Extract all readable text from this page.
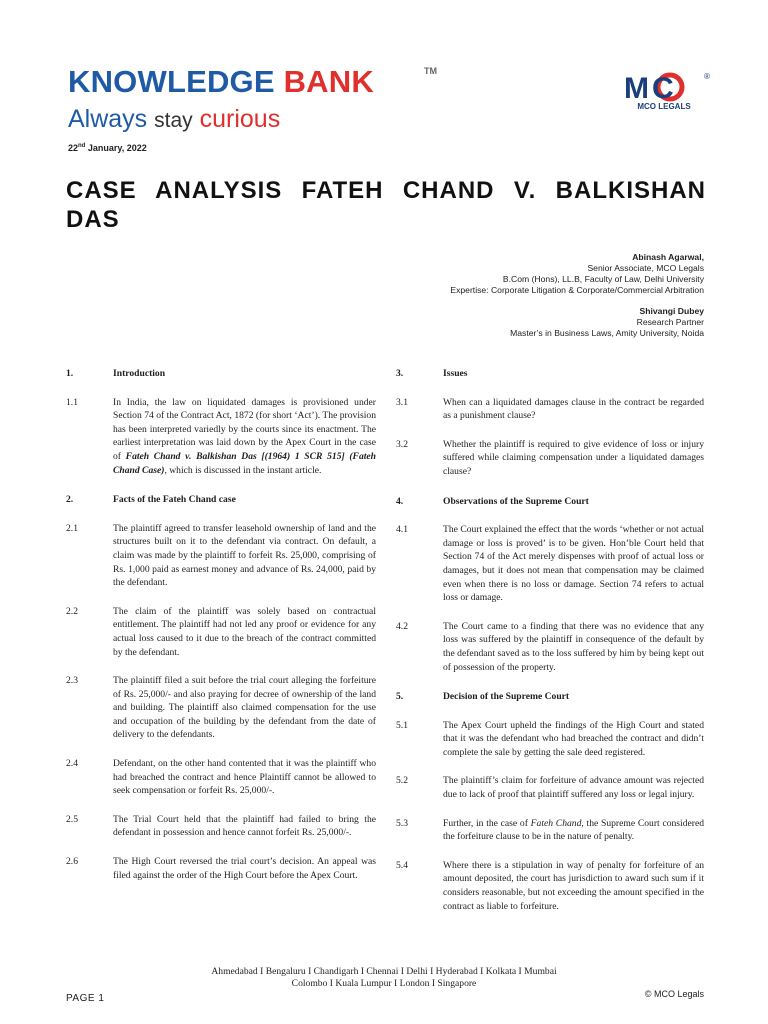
KNOWLEDGE BANK	TM
Always stay curious
M	®
C
MCO LEGALS
22nd January, 2022
CASE ANALYSIS FATEH CHAND V. BALKISHAN DAS
Abinash Agarwal,
Senior Associate, MCO Legals
B.Com (Hons), LL.B, Faculty of Law, Delhi University
Expertise: Corporate Litigation & Corporate/Commercial Arbitration
Shivangi Dubey
Research Partner
Master’s in Business Laws, Amity University, Noida
1.	Introduction
1.1	In India, the law on liquidated damages is provisioned under Section 74 of the Contract Act, 1872 (for short ‘Act’). The provision has been interpreted variedly by the courts since its enactment. The earliest interpretation was laid down by the Apex Court in the case of Fateh Chand v. Balkishan Das [(1964) 1 SCR 515] (Fateh Chand Case), which is discussed in the instant article.
2.	Facts of the Fateh Chand case
2.1	The plaintiff agreed to transfer leasehold ownership of land and the structures built on it to the defendant via contract. On default, a claim was made by the plaintiff to forfeit Rs. 25,000, comprising of Rs. 1,000 paid as earnest money and advance of Rs. 24,000, paid by the defendant.
2.2	The claim of the plaintiff was solely based on contractual entitlement. The plaintiff had not led any proof or evidence for any actual loss caused to it due to the breach of the contract committed by the defendant.
2.3	The plaintiff filed a suit before the trial court alleging the forfeiture of Rs. 25,000/- and also praying for decree of ownership of the land and building. The plaintiff also claimed compensation for the use and occupation of the building by the defendant from the date of delivery to the defendants.
2.4	Defendant, on the other hand contented that it was the plaintiff who had breached the contract and hence Plaintiff cannot be allowed to seek compensation or forfeit Rs. 25,000/-.
2.5	The Trial Court held that the plaintiff had failed to bring the defendant in possession and hence cannot forfeit Rs. 25,000/-.
2.6	The High Court reversed the trial court’s decision. An appeal was filed against the order of the High Court before the Apex Court.
3.	Issues
3.1	When can a liquidated damages clause in the contract be regarded as a punishment clause?
3.2	Whether the plaintiff is required to give evidence of loss or injury suffered while claiming compensation under a liquidated damages clause?
4.	Observations of the Supreme Court
4.1	The Court explained the effect that the words ‘whether or not actual damage or loss is proved’ is to be given. Hon’ble Court held that Section 74 of the Act merely dispenses with proof of actual loss or damages, but it does not mean that compensation may be claimed even when there is no loss or damage. Section 74 refers to actual loss or damage.
4.2	The Court came to a finding that there was no evidence that any loss was suffered by the plaintiff in consequence of the default by the defendant saved as to the loss suffered by him by being kept out of possession of the property.
5.	Decision of the Supreme Court
5.1	The Apex Court upheld the findings of the High Court and stated that it was the defendant who had breached the contract and didn’t complete the sale by getting the sale deed registered.
5.2	The plaintiff’s claim for forfeiture of advance amount was rejected due to lack of proof that plaintiff suffered any loss or legal injury.
5.3	Further, in the case of Fateh Chand, the Supreme Court considered the forfeiture clause to be in the nature of penalty.
5.4	Where there is a stipulation in way of penalty for forfeiture of an amount deposited, the court has jurisdiction to award such sum if it considers reasonable, but not exceeding the amount specified in the contract as liable to forfeiture.
Ahmedabad I Bengaluru I Chandigarh I Chennai I Delhi I Hyderabad I Kolkata I Mumbai
Colombo I Kuala Lumpur I London I Singapore
PAGE 1	© MCO Legals
